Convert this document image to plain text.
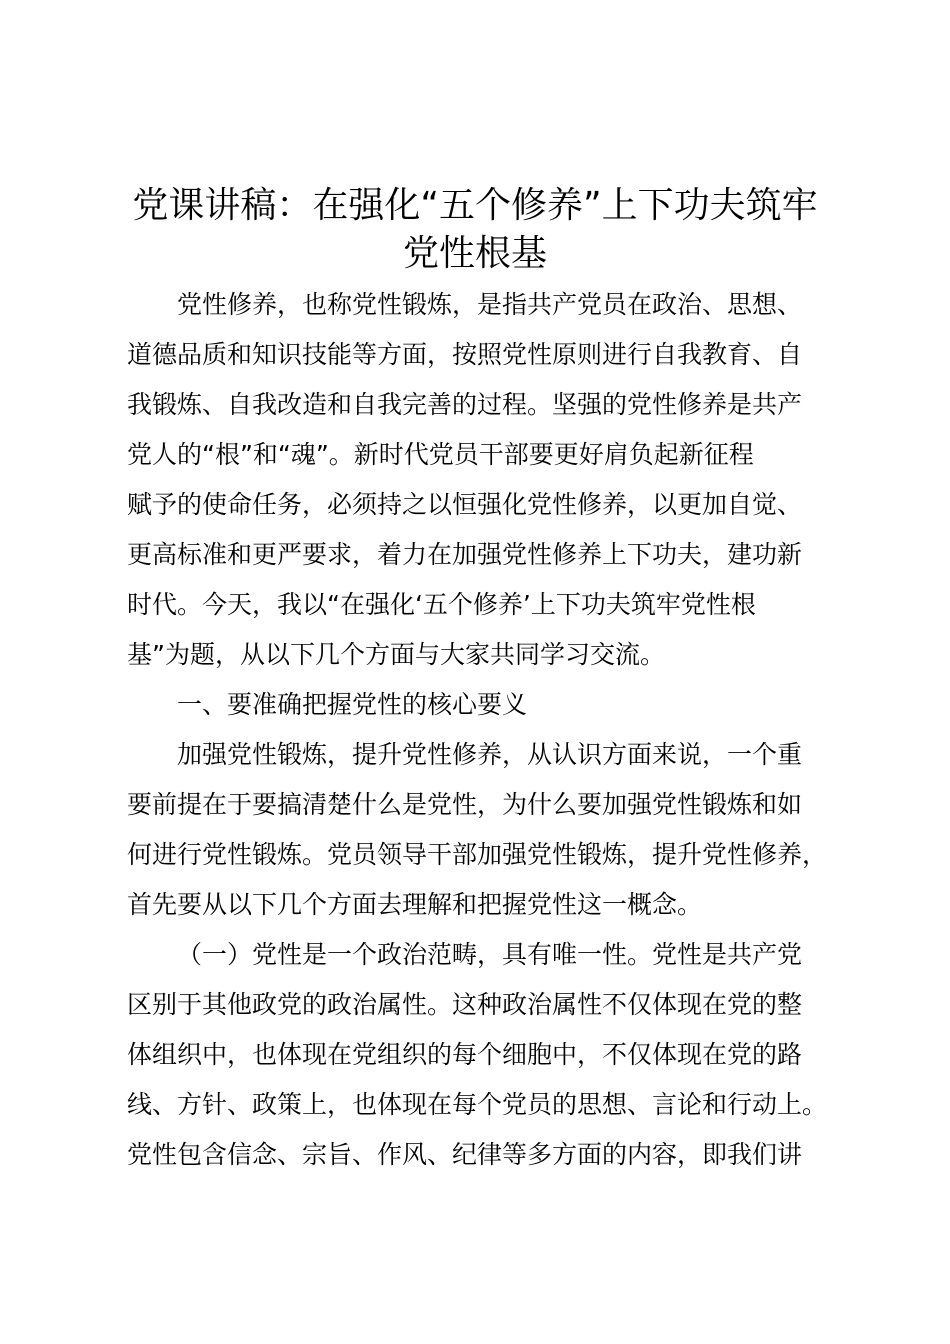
党课讲稿：在强化“五个修养”上下功夫筑牢
党性根基

党性修养，也称党性锻炼，是指共产党员在政治、思想、
道德品质和知识技能等方面，按照党性原则进行自我教育、自
我锻炼、自我改造和自我完善的过程。坚强的党性修养是共产
党人的“根”和“魂”。新时代党员干部要更好肩负起新征程
赋予的使命任务，必须持之以恒强化党性修养，以更加自觉、
更高标准和更严要求，着力在加强党性修养上下功夫，建功新
时代。今天，我以“在强化‘五个修养’上下功夫筑牢党性根
基”为题，从以下几个方面与大家共同学习交流。

一、要准确把握党性的核心要义

加强党性锻炼，提升党性修养，从认识方面来说，一个重
要前提在于要搞清楚什么是党性，为什么要加强党性锻炼和如
何进行党性锻炼。党员领导干部加强党性锻炼，提升党性修养，
首先要从以下几个方面去理解和把握党性这一概念。

（一）党性是一个政治范畴，具有唯一性。党性是共产党
区别于其他政党的政治属性。这种政治属性不仅体现在党的整
体组织中，也体现在党组织的每个细胞中，不仅体现在党的路
线、方针、政策上，也体现在每个党员的思想、言论和行动上。
党性包含信念、宗旨、作风、纪律等多方面的内容，即我们讲
